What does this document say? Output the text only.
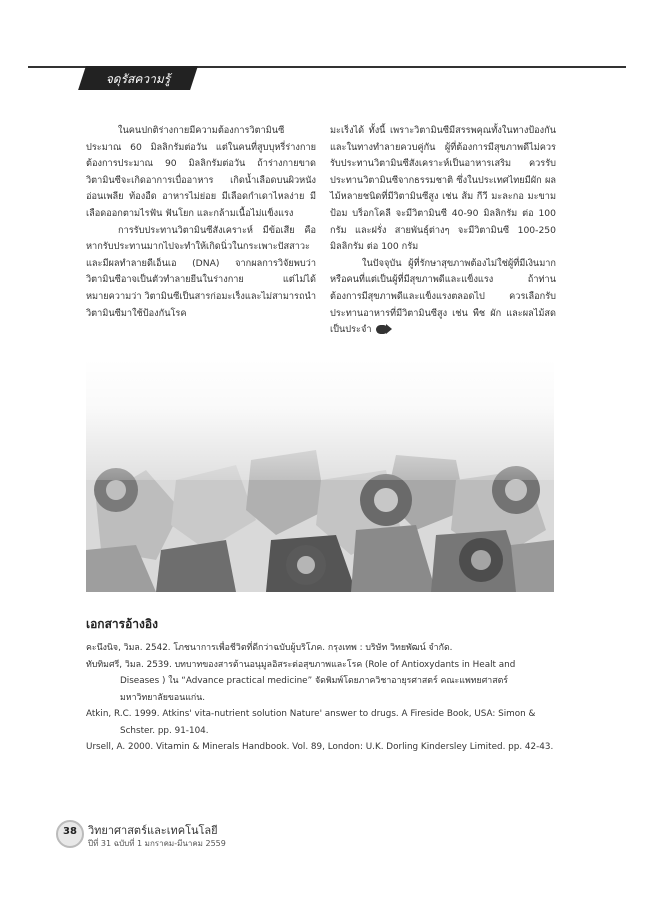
จดุรัสความรู้

ในคนปกติร่างกายมีความต้องการวิตามินซีประมาณ 60 มิลลิกรัมต่อวัน แต่ในคนที่สูบบุหรี่ร่างกายต้องการประมาณ 90 มิลลิกรัมต่อวัน ถ้าร่างกายขาดวิตามินซีจะเกิดอาการเบื่ออาหาร เกิดน้ำเลือดบนผิวหนัง อ่อนเพลีย ท้องอืด อาหารไม่ย่อย มีเลือดกำเดาไหลง่าย มีเลือดออกตามไรฟัน ฟันโยก และกล้ามเนื้อไม่แข็งแรง

การรับประทานวิตามินซีสังเคราะห์ มีข้อเสีย คือ หากรับประทานมากไปจะทำให้เกิดนิ่วในกระเพาะปัสสาวะ และมีผลทำลายดีเอ็นเอ (DNA) จากผลการวิจัยพบว่า วิตามินซีอาจเป็นตัวทำลายยีนในร่างกาย แต่ไม่ได้หมายความว่า วิตามินซีเป็นสารก่อมะเร็งและไม่สามารถนำวิตามินซีมาใช้ป้องกันโรค

มะเร็งได้ ทั้งนี้ เพราะวิตามินซีมีสรรพคุณทั้งในทางป้องกันและในทางทำลายควบคู่กัน ผู้ที่ต้องการมีสุขภาพดีไม่ควรรับประทานวิตามินซีสังเคราะห์เป็นอาหารเสริม ควรรับประทานวิตามินซีจากธรรมชาติ ซึ่งในประเทศไทยมีผัก ผลไม้หลายชนิดที่มีวิตามินซีสูง เช่น ส้ม กีวี มะละกอ มะขามป้อม บร็อกโคลี จะมีวิตามินซี 40-90 มิลลิกรัม ต่อ 100 กรัม และฝรั่ง สายพันธุ์ต่างๆ จะมีวิตามินซี 100-250 มิลลิกรัม ต่อ 100 กรัม

ในปัจจุบัน ผู้ที่รักษาสุขภาพต้องไม่ใช่ผู้ที่มีเงินมากหรือคนที่แต่เป็นผู้ที่มีสุขภาพดีและแข็งแรง ถ้าท่านต้องการมีสุขภาพดีและแข็งแรงตลอดไป ควรเลือกรับประทานอาหารที่มีวิตามินซีสูง เช่น พืช ผัก และผลไม้สดเป็นประจำ

เอกสารอ้างอิง

คะนึงนิจ, วิมล. 2542. โภชนาการเพื่อชีวิตที่ดีกว่าฉบับผู้บริโภค. กรุงเทพ : บริษัท วิทยพัฒน์ จำกัด.

ทับทิมศรี, วิมล. 2539. บทบาทของสารต้านอนุมูลอิสระต่อสุขภาพและโรค (Role of Antioxydants in Healt and Diseases ) ใน “Advance practical medicine” จัดพิมพ์โดยภาควิชาอายุรศาสตร์ คณะแพทยศาสตร์ มหาวิทยาลัยขอนแก่น.

Atkin, R.C. 1999. Atkins' vita-nutrient solution Nature' answer to drugs. A Fireside Book, USA: Simon & Schster. pp. 91-104.

Ursell, A. 2000. Vitamin & Minerals Handbook. Vol. 89, London: U.K. Dorling Kindersley Limited. pp. 42-43.

38	วิทยาศาสตร์และเทคโนโลยี
ปีที่ 31 ฉบับที่ 1 มกราคม-มีนาคม 2559
